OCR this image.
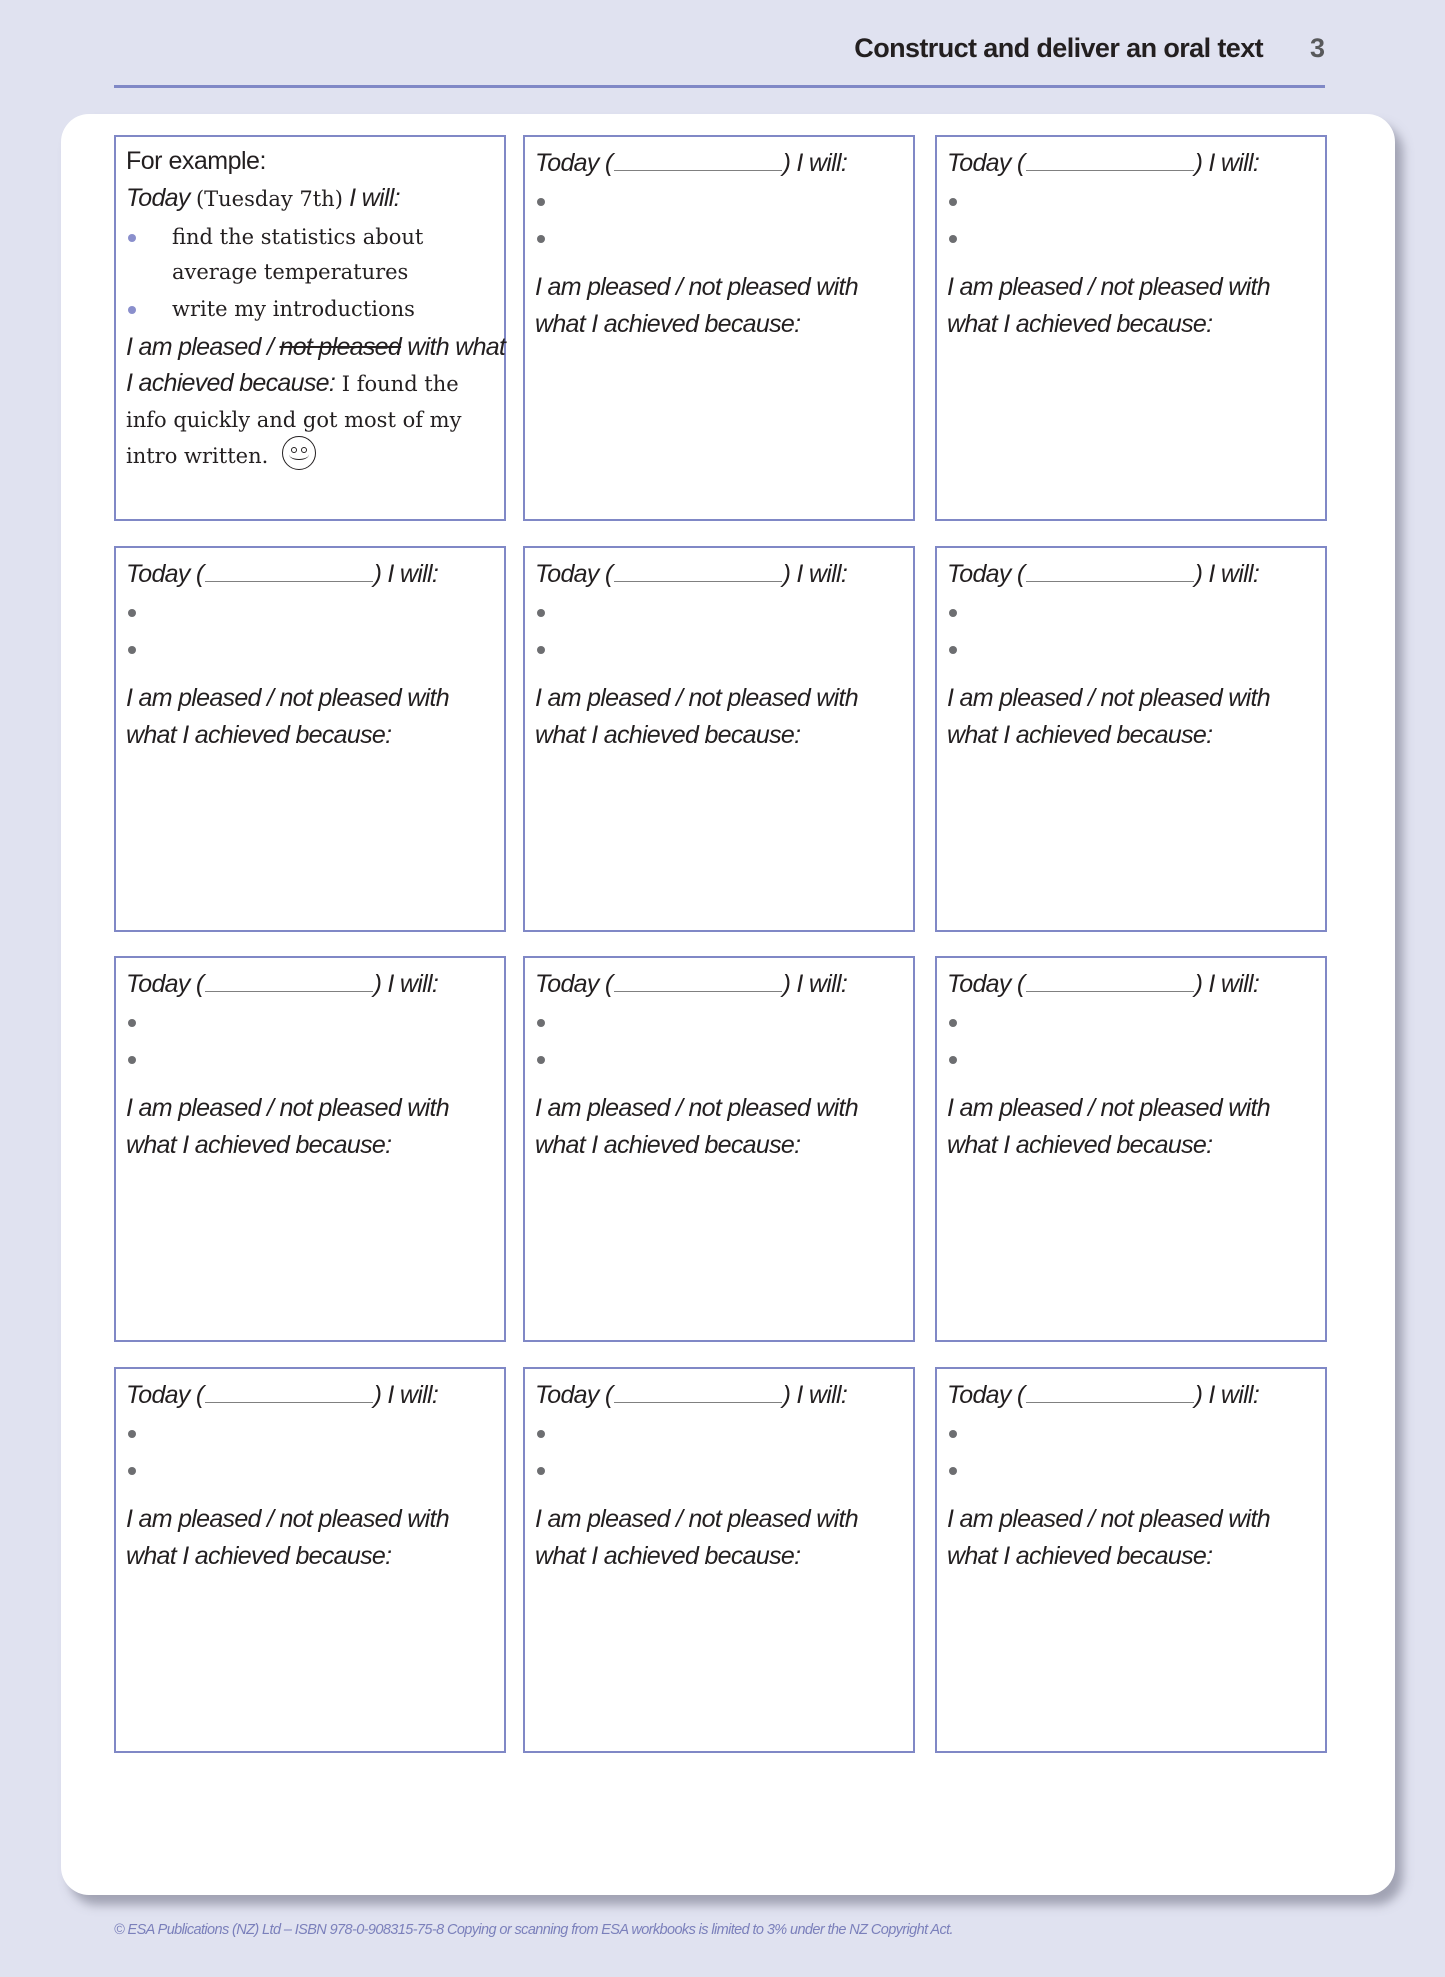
Construct and deliver an oral text 3
For example:
Today (Tuesday 7th) I will:
find the statistics about average temperatures
write my introductions
I am pleased / not pleased with what
I achieved because: I found the info quickly and got most of my intro written.
Today (	) I will:
I am pleased / not pleased with
what I achieved because:
Today (	) I will:
I am pleased / not pleased with
what I achieved because:
Today (	) I will:
I am pleased / not pleased with
what I achieved because:
Today (	) I will:
I am pleased / not pleased with
what I achieved because:
Today (	) I will:
I am pleased / not pleased with
what I achieved because:
Today (	) I will:
I am pleased / not pleased with
what I achieved because:
Today (	) I will:
I am pleased / not pleased with
what I achieved because:
Today (	) I will:
I am pleased / not pleased with
what I achieved because:
Today (	) I will:
I am pleased / not pleased with
what I achieved because:
Today (	) I will:
I am pleased / not pleased with
what I achieved because:
Today (	) I will:
I am pleased / not pleased with
what I achieved because:
© ESA Publications (NZ) Ltd – ISBN 978-0-908315-75-8 Copying or scanning from ESA workbooks is limited to 3% under the NZ Copyright Act.
